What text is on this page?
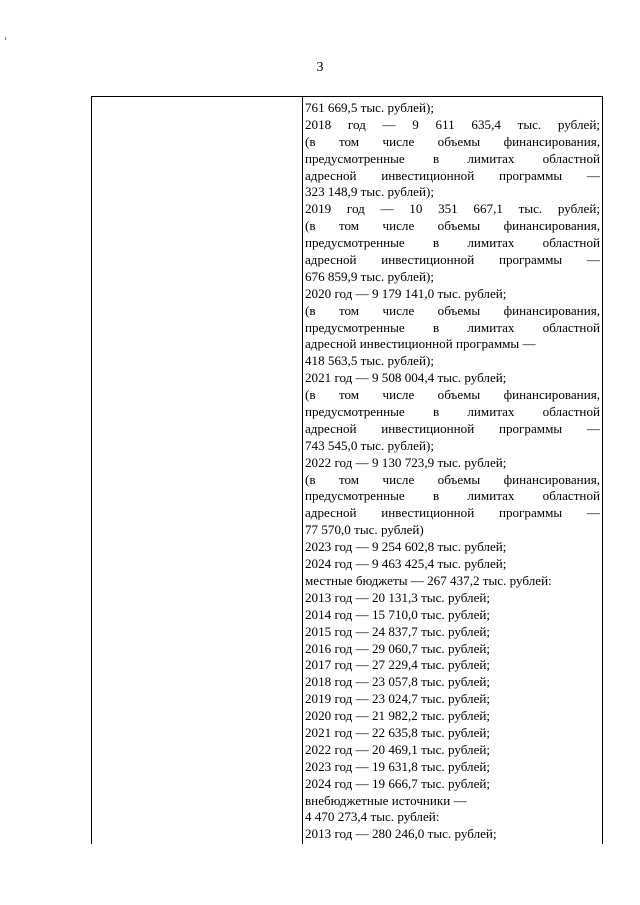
3
761 669,5 тыс. рублей);
2018 год — 9 611 635,4 тыс. рублей;
(в том числе объемы финансирования,
предусмотренные в лимитах областной
адресной инвестиционной программы —
323 148,9 тыс. рублей);
2019 год — 10 351 667,1 тыс. рублей;
(в том числе объемы финансирования,
предусмотренные в лимитах областной
адресной инвестиционной программы —
676 859,9 тыс. рублей);
2020 год — 9 179 141,0 тыс. рублей;
(в том числе объемы финансирования,
предусмотренные в лимитах областной
адресной инвестиционной программы —
418 563,5 тыс. рублей);
2021 год — 9 508 004,4 тыс. рублей;
(в том числе объемы финансирования,
предусмотренные в лимитах областной
адресной инвестиционной программы —
743 545,0 тыс. рублей);
2022 год — 9 130 723,9 тыс. рублей;
(в том числе объемы финансирования,
предусмотренные в лимитах областной
адресной инвестиционной программы —
77 570,0 тыс. рублей)
2023 год — 9 254 602,8 тыс. рублей;
2024 год — 9 463 425,4 тыс. рублей;
местные бюджеты — 267 437,2 тыс. рублей:
2013 год — 20 131,3 тыс. рублей;
2014 год — 15 710,0 тыс. рублей;
2015 год — 24 837,7 тыс. рублей;
2016 год — 29 060,7 тыс. рублей;
2017 год — 27 229,4 тыс. рублей;
2018 год — 23 057,8 тыс. рублей;
2019 год — 23 024,7 тыс. рублей;
2020 год — 21 982,2 тыс. рублей;
2021 год — 22 635,8 тыс. рублей;
2022 год — 20 469,1 тыс. рублей;
2023 год — 19 631,8 тыс. рублей;
2024 год — 19 666,7 тыс. рублей;
внебюджетные источники —
4 470 273,4 тыс. рублей:
2013 год — 280 246,0 тыс. рублей;
